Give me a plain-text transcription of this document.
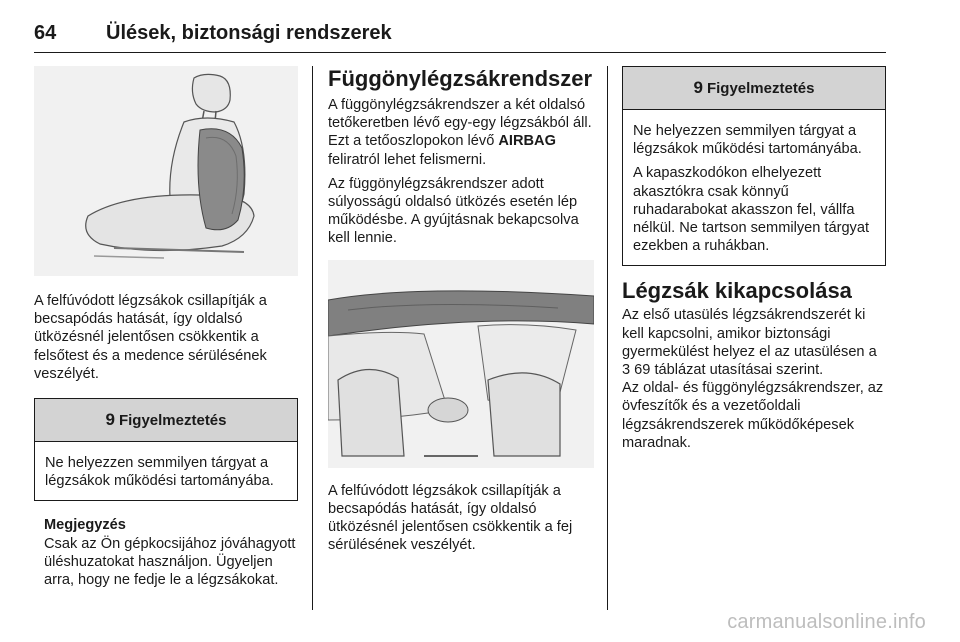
64 Ülések, biztonsági rendszerek

A felfúvódott légzsákok csillapítják a becsapódás hatását, így oldalsó ütközésnél jelentősen csökkentik a felsőtest és a medence sérülésének veszélyét.

9 Figyelmeztetés

Ne helyezzen semmilyen tárgyat a légzsákok működési tartományába.

Megjegyzés

Csak az Ön gépkocsijához jóváhagyott üléshuzatokat használjon. Ügyeljen arra, hogy ne fedje le a légzsákokat.

Függönylégzsákrendszer

A függönylégzsákrendszer a két oldalsó tetőkeretben lévő egy-egy légzsákból áll. Ezt a tetőoszlopokon lévő AIRBAG feliratról lehet felismerni.

Az függönylégzsákrendszer adott súlyosságú oldalsó ütközés esetén lép működésbe. A gyújtásnak bekapcsolva kell lennie.

A felfúvódott légzsákok csillapítják a becsapódás hatását, így oldalsó ütközésnél jelentősen csökkentik a fej sérülésének veszélyét.

9 Figyelmeztetés

Ne helyezzen semmilyen tárgyat a légzsákok működési tartományába.

A kapaszkodókon elhelyezett akasztókra csak könnyű ruhadarabokat akasszon fel, vállfa nélkül. Ne tartson semmilyen tárgyat ezekben a ruhákban.

Légzsák kikapcsolása

Az első utasülés légzsákrendszerét ki kell kapcsolni, amikor biztonsági gyermekülést helyez el az utasülésen a 3 69 táblázat utasításai szerint.

Az oldal- és függönylégzsákrendszer, az övfeszítők és a vezetőoldali légzsákrendszerek működőképesek maradnak.

carmanualsonline.info
